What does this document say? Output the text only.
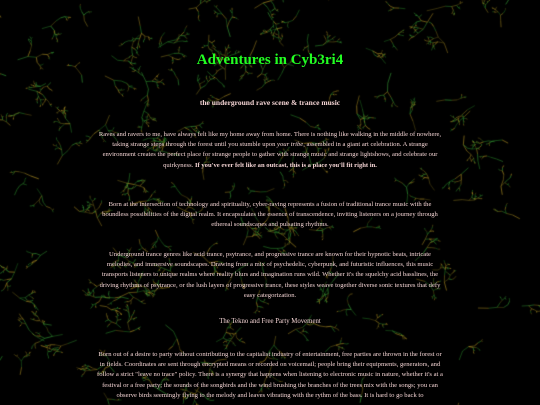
Adventures in Cyb3ri4

the underground rave scene & trance music

Raves and ravers to me, have always felt like my home away from home. There is nothing like walking in the middle of nowhere, taking strange steps through the forest until you stumble upon your tribe, assembled in a giant art celebration. A strange environment creates the perfect place for strange people to gather with strange music and strange lightshows, and celebrate our quirkyness. If you've ever felt like an outcast, this is a place you'll fit right in.

Born at the intersection of technology and spirituality, cyber-raving represents a fusion of traditional trance music with the boundless possibilities of the digital realm. It encapsulates the essence of transcendence, inviting listeners on a journey through ethereal soundscapes and pulsating rhythms.

Underground trance genres like acid trance, psytrance, and progressive trance are known for their hypnotic beats, intricate melodies, and immersive soundscapes. Drawing from a mix of psychedelic, cyberpunk, and futuristic influences, this music transports listeners to unique realms where reality blurs and imagination runs wild. Whether it's the squelchy acid basslines, the driving rhythms of psytrance, or the lush layers of progressive trance, these styles weave together diverse sonic textures that defy easy categorization.

The Tekno and Free Party Movement

Born out of a desire to party without contributing to the capitalist industry of entertainment, free parties are thrown in the forest or in fields. Coordinates are sent through encrypted means or recorded on voicemail; people bring their equipments, generators, and follow a strict "leave no trace" policy. There is a synergy that happens when listening to electronic music in nature, whether it's at a festival or a free party; the sounds of the songbirds and the wind brushing the branches of the trees mix with the songs; you can observe birds seemingly flying to the melody and leaves vibrating with the rythm of the bass. It is hard to go back to
